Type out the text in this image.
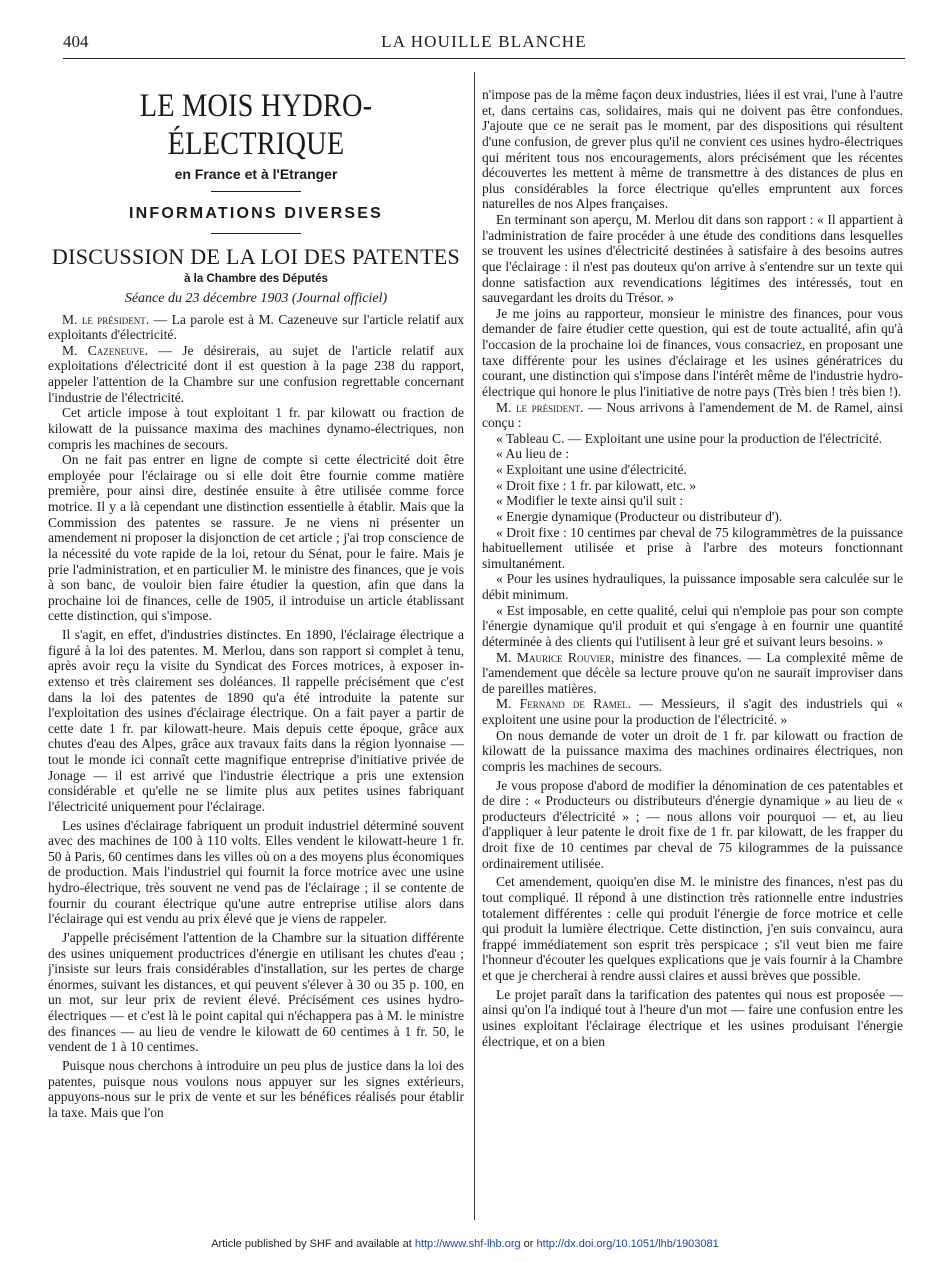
404	LA HOUILLE BLANCHE
LE MOIS HYDRO-ÉLECTRIQUE
en France et à l'Etranger
INFORMATIONS DIVERSES
DISCUSSION DE LA LOI DES PATENTES
à la Chambre des Députés
Séance du 23 décembre 1903 (Journal officiel)

M. le président. — La parole est à M. Cazeneuve sur l'article relatif aux exploitants d'électricité.

M. Cazeneuve. — Je désirerais, au sujet de l'article relatif aux exploitations d'électricité dont il est question à la page 238 du rapport, appeler l'attention de la Chambre sur une confusion regrettable concernant l'industrie de l'électricité.

Cet article impose à tout exploitant 1 fr. par kilowatt ou fraction de kilowatt de la puissance maxima des machines dynamo-électriques, non compris les machines de secours.

On ne fait pas entrer en ligne de compte si cette électricité doit être employée pour l'éclairage ou si elle doit être fournie comme matière première, pour ainsi dire, destinée ensuite à être utilisée comme force motrice. Il y a là cependant une distinction essentielle à établir. Mais que la Commission des patentes se rassure. Je ne viens ni présenter un amendement ni proposer la disjonction de cet article ; j'ai trop conscience de la nécessité du vote rapide de la loi, retour du Sénat, pour le faire. Mais je prie l'administration, et en particulier M. le ministre des finances, que je vois à son banc, de vouloir bien faire étudier la question, afin que dans la prochaine loi de finances, celle de 1905, il introduise un article établissant cette distinction, qui s'impose.

Il s'agit, en effet, d'industries distinctes. En 1890, l'éclairage électrique a figuré à la loi des patentes. M. Merlou, dans son rapport si complet à tenu, après avoir reçu la visite du Syndicat des Forces motrices, à exposer in-extenso et très clairement ses doléances. Il rappelle précisément que c'est dans la loi des patentes de 1890 qu'a été introduite la patente sur l'exploitation des usines d'éclairage électrique. On a fait payer a partir de cette date 1 fr. par kilowatt-heure. Mais depuis cette époque, grâce aux chutes d'eau des Alpes, grâce aux travaux faits dans la région lyonnaise — tout le monde ici connaît cette magnifique entreprise d'initiative privée de Jonage — il est arrivé que l'industrie électrique a pris une extension considérable et qu'elle ne se limite plus aux petites usines fabriquant l'électricité uniquement pour l'éclairage.

Les usines d'éclairage fabriquent un produit industriel déterminé souvent avec des machines de 100 à 110 volts. Elles vendent le kilowatt-heure 1 fr. 50 à Paris, 60 centimes dans les villes où on a des moyens plus économiques de production. Mais l'industriel qui fournit la force motrice avec une usine hydro-électrique, très souvent ne vend pas de l'éclairage ; il se contente de fournir du courant électrique qu'une autre entreprise utilise alors dans l'éclairage qui est vendu au prix élevé que je viens de rappeler.

J'appelle précisément l'attention de la Chambre sur la situation différente des usines uniquement productrices d'énergie en utilisant les chutes d'eau ; j'insiste sur leurs frais considérables d'installation, sur les pertes de charge énormes, suivant les distances, et qui peuvent s'élever à 30 ou 35 p. 100, en un mot, sur leur prix de revient élevé. Précisément ces usines hydro-électriques — et c'est là le point capital qui n'échappera pas à M. le ministre des finances — au lieu de vendre le kilowatt de 60 centimes à 1 fr. 50, le vendent de 1 à 10 centimes.

Puisque nous cherchons à introduire un peu plus de justice dans la loi des patentes, puisque nous voulons nous appuyer sur les signes extérieurs, appuyons-nous sur le prix de vente et sur les bénéfices réalisés pour établir la taxe. Mais que l'on

n'impose pas de la même façon deux industries, liées il est vrai, l'une à l'autre et, dans certains cas, solidaires, mais qui ne doivent pas être confondues. J'ajoute que ce ne serait pas le moment, par des dispositions qui résultent d'une confusion, de grever plus qu'il ne convient ces usines hydro-électriques qui méritent tous nos encouragements, alors précisément que les récentes découvertes les mettent à même de transmettre à des distances de plus en plus considérables la force électrique qu'elles empruntent aux forces naturelles de nos Alpes françaises.

En terminant son aperçu, M. Merlou dit dans son rapport : « Il appartient à l'administration de faire procéder à une étude des conditions dans lesquelles se trouvent les usines d'électricité destinées à satisfaire à des besoins autres que l'éclairage : il n'est pas douteux qu'on arrive à s'entendre sur un texte qui donne satisfaction aux revendications légitimes des intéressés, tout en sauvegardant les droits du Trésor. »

Je me joins au rapporteur, monsieur le ministre des finances, pour vous demander de faire étudier cette question, qui est de toute actualité, afin qu'à l'occasion de la prochaine loi de finances, vous consacriez, en proposant une taxe différente pour les usines d'éclairage et les usines génératrices du courant, une distinction qui s'impose dans l'intérêt même de l'industrie hydro-électrique qui honore le plus l'initiative de notre pays (Très bien ! très bien !).

M. le président. — Nous arrivons à l'amendement de M. de Ramel, ainsi conçu :

« Tableau C. — Exploitant une usine pour la production de l'électricité.

« Au lieu de :

« Exploitant une usine d'électricité.

« Droit fixe : 1 fr. par kilowatt, etc. »

« Modifier le texte ainsi qu'il suit :

« Energie dynamique (Producteur ou distributeur d').

« Droit fixe : 10 centimes par cheval de 75 kilogrammètres de la puissance habituellement utilisée et prise à l'arbre des moteurs fonctionnant simultanément.

« Pour les usines hydrauliques, la puissance imposable sera calculée sur le débit minimum.

« Est imposable, en cette qualité, celui qui n'emploie pas pour son compte l'énergie dynamique qu'il produit et qui s'engage à en fournir une quantité déterminée à des clients qui l'utilisent à leur gré et suivant leurs besoins. »

M. Maurice Rouvier, ministre des finances. — La complexité même de l'amendement que décèle sa lecture prouve qu'on ne saurait improviser dans de pareilles matières.

M. Fernand de Ramel. — Messieurs, il s'agit des industriels qui « exploitent une usine pour la production de l'électricité. »

On nous demande de voter un droit de 1 fr. par kilowatt ou fraction de kilowatt de la puissance maxima des machines ordinaires électriques, non compris les machines de secours.

Je vous propose d'abord de modifier la dénomination de ces patentables et de dire : « Producteurs ou distributeurs d'énergie dynamique » au lieu de « producteurs d'électricité » ; — nous allons voir pourquoi — et, au lieu d'appliquer à leur patente le droit fixe de 1 fr. par kilowatt, de les frapper du droit fixe de 10 centimes par cheval de 75 kilogrammes de la puissance ordinairement utilisée.

Cet amendement, quoiqu'en dise M. le ministre des finances, n'est pas du tout compliqué. Il répond à une distinction très rationnelle entre industries totalement différentes : celle qui produit l'énergie de force motrice et celle qui produit la lumière électrique. Cette distinction, j'en suis convaincu, aura frappé immédiatement son esprit très perspicace ; s'il veut bien me faire l'honneur d'écouter les quelques explications que je vais fournir à la Chambre et que je chercherai à rendre aussi claires et aussi brèves que possible.

Le projet paraît dans la tarification des patentes qui nous est proposée — ainsi qu'on l'a indiqué tout à l'heure d'un mot — faire une confusion entre les usines exploitant l'éclairage électrique et les usines produisant l'énergie électrique, et on a bien

Article published by SHF and available at http://www.shf-lhb.org or http://dx.doi.org/10.1051/lhb/1903081
